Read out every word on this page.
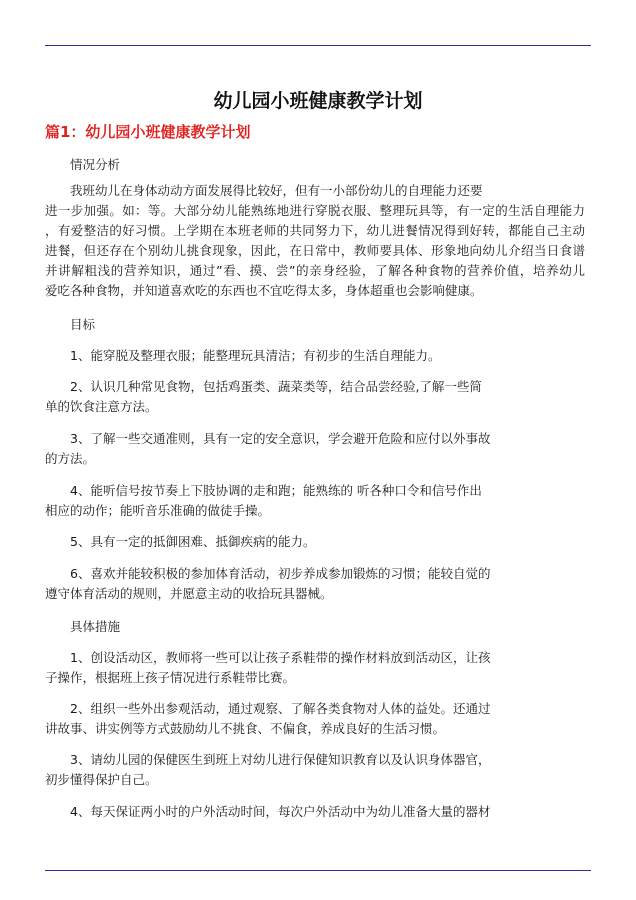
幼儿园小班健康教学计划
篇1：幼儿园小班健康教学计划
情况分析
我班幼儿在身体动动方面发展得比较好，但有一小部份幼儿的自理能力还要
进一步加强。如：等。大部分幼儿能熟练地进行穿脱衣服、整理玩具等，有一定的生活自理能力
，有爱整洁的好习惯。上学期在本班老师的共同努力下，幼儿进餐情况得到好转，都能自己主动
进餐，但还存在个别幼儿挑食现象，因此，在日常中，教师要具体、形象地向幼儿介绍当日食谱
并讲解粗浅的营养知识，通过”看、摸、尝”的亲身经验，了解各种食物的营养价值，培养幼儿
爱吃各种食物，并知道喜欢吃的东西也不宜吃得太多，身体超重也会影响健康。
目标
1、能穿脱及整理衣服；能整理玩具清洁；有初步的生活自理能力。
2、认识几种常见食物，包括鸡蛋类、蔬菜类等，结合品尝经验,了解一些简
单的饮食注意方法。
3、了解一些交通准则，具有一定的安全意识，学会避开危险和应付以外事故
的方法。
4、能听信号按节奏上下肢协调的走和跑；能熟练的 听各种口令和信号作出
相应的动作；能听音乐准确的做徒手操。
5、具有一定的抵御困难、抵御疾病的能力。
6、喜欢并能较积极的参加体育活动，初步养成参加锻炼的习惯；能较自觉的
遵守体育活动的规则，并愿意主动的收拾玩具器械。
具体措施
1、创设活动区，教师将一些可以让孩子系鞋带的操作材料放到活动区，让孩
子操作，根据班上孩子情况进行系鞋带比赛。
2、组织一些外出参观活动，通过观察、了解各类食物对人体的益处。还通过
讲故事、讲实例等方式鼓励幼儿不挑食、不偏食，养成良好的生活习惯。
3、请幼儿园的保健医生到班上对幼儿进行保健知识教育以及认识身体器官，
初步懂得保护自己。
4、每天保证两小时的户外活动时间，每次户外活动中为幼儿准备大量的器材
